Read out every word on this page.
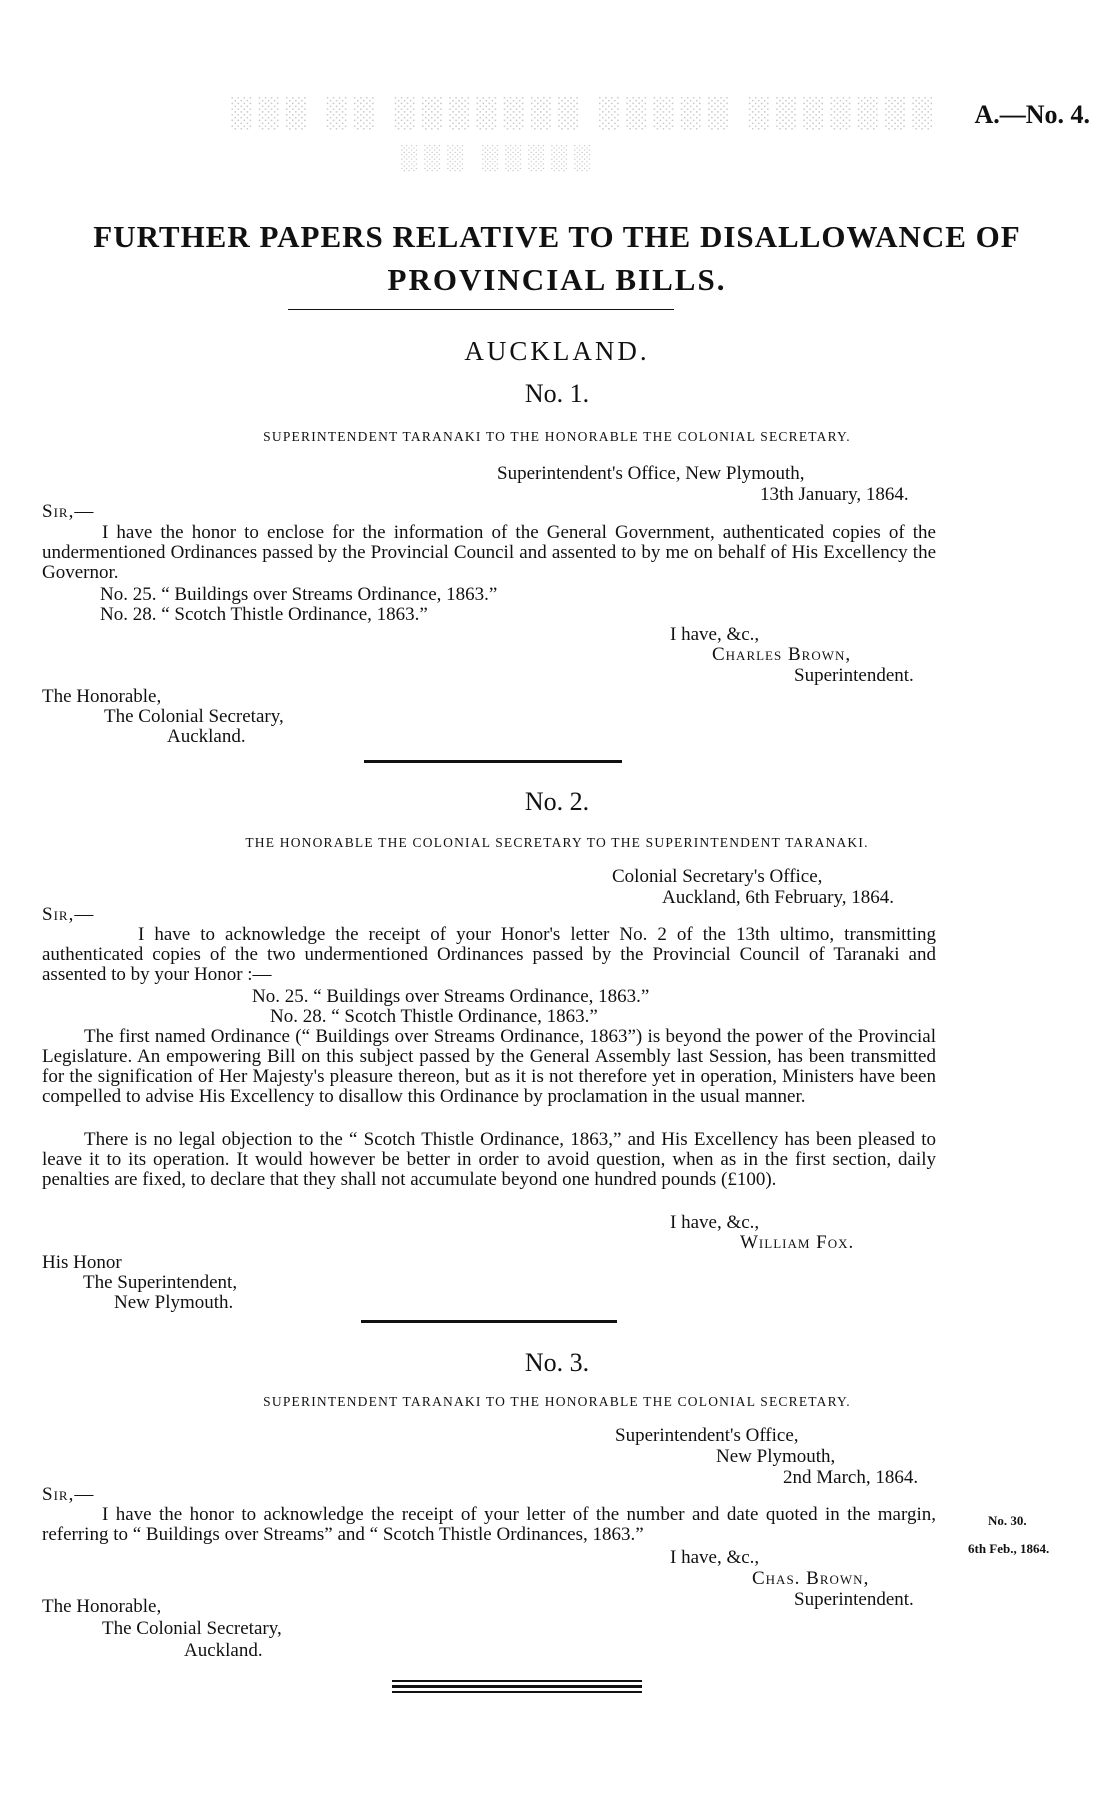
░░░ ░░ ░░░░░░░ ░░░░░ ░░░░░░░
░░░ ░░░░░
A.—No. 4.
FURTHER PAPERS RELATIVE TO THE DISALLOWANCE OF
PROVINCIAL BILLS.
AUCKLAND.
No. 1.
SUPERINTENDENT TARANAKI TO THE HONORABLE THE COLONIAL SECRETARY.
Superintendent's Office, New Plymouth,
13th January, 1864.
Sir,—
I have the honor to enclose for the information of the General Government, authenticated copies of the undermentioned Ordinances passed by the Provincial Council and assented to by me on behalf of His Excellency the Governor.
No. 25. “ Buildings over Streams Ordinance, 1863.”
No. 28. “ Scotch Thistle Ordinance, 1863.”
I have, &c.,
Charles Brown,
Superintendent.
The Honorable,
The Colonial Secretary,
Auckland.
No. 2.
THE HONORABLE THE COLONIAL SECRETARY TO THE SUPERINTENDENT TARANAKI.
Colonial Secretary's Office,
Auckland, 6th February, 1864.
Sir,—
I have to acknowledge the receipt of your Honor's letter No. 2 of the 13th ultimo, transmitting authenticated copies of the two undermentioned Ordinances passed by the Provincial Council of Taranaki and assented to by your Honor :—
No. 25. “ Buildings over Streams Ordinance, 1863.”
No. 28. “ Scotch Thistle Ordinance, 1863.”
The first named Ordinance (“ Buildings over Streams Ordinance, 1863”) is beyond the power of the Provincial Legislature. An empowering Bill on this subject passed by the General Assembly last Session, has been transmitted for the signification of Her Majesty's pleasure thereon, but as it is not therefore yet in operation, Ministers have been compelled to advise His Excellency to disallow this Ordinance by proclamation in the usual manner.
There is no legal objection to the “ Scotch Thistle Ordinance, 1863,” and His Excellency has been pleased to leave it to its operation. It would however be better in order to avoid question, when as in the first section, daily penalties are fixed, to declare that they shall not accumulate beyond one hundred pounds (£100).
I have, &c.,
William Fox.
His Honor
The Superintendent,
New Plymouth.
No. 3.
SUPERINTENDENT TARANAKI TO THE HONORABLE THE COLONIAL SECRETARY.
Superintendent's Office,
New Plymouth,
2nd March, 1864.
Sir,—
I have the honor to acknowledge the receipt of your letter of the number and date quoted in the margin, referring to “ Buildings over Streams” and “ Scotch Thistle Ordinances, 1863.”
I have, &c.,
Chas. Brown,
Superintendent.
The Honorable,
The Colonial Secretary,
Auckland.
No. 30.
6th Feb., 1864.
